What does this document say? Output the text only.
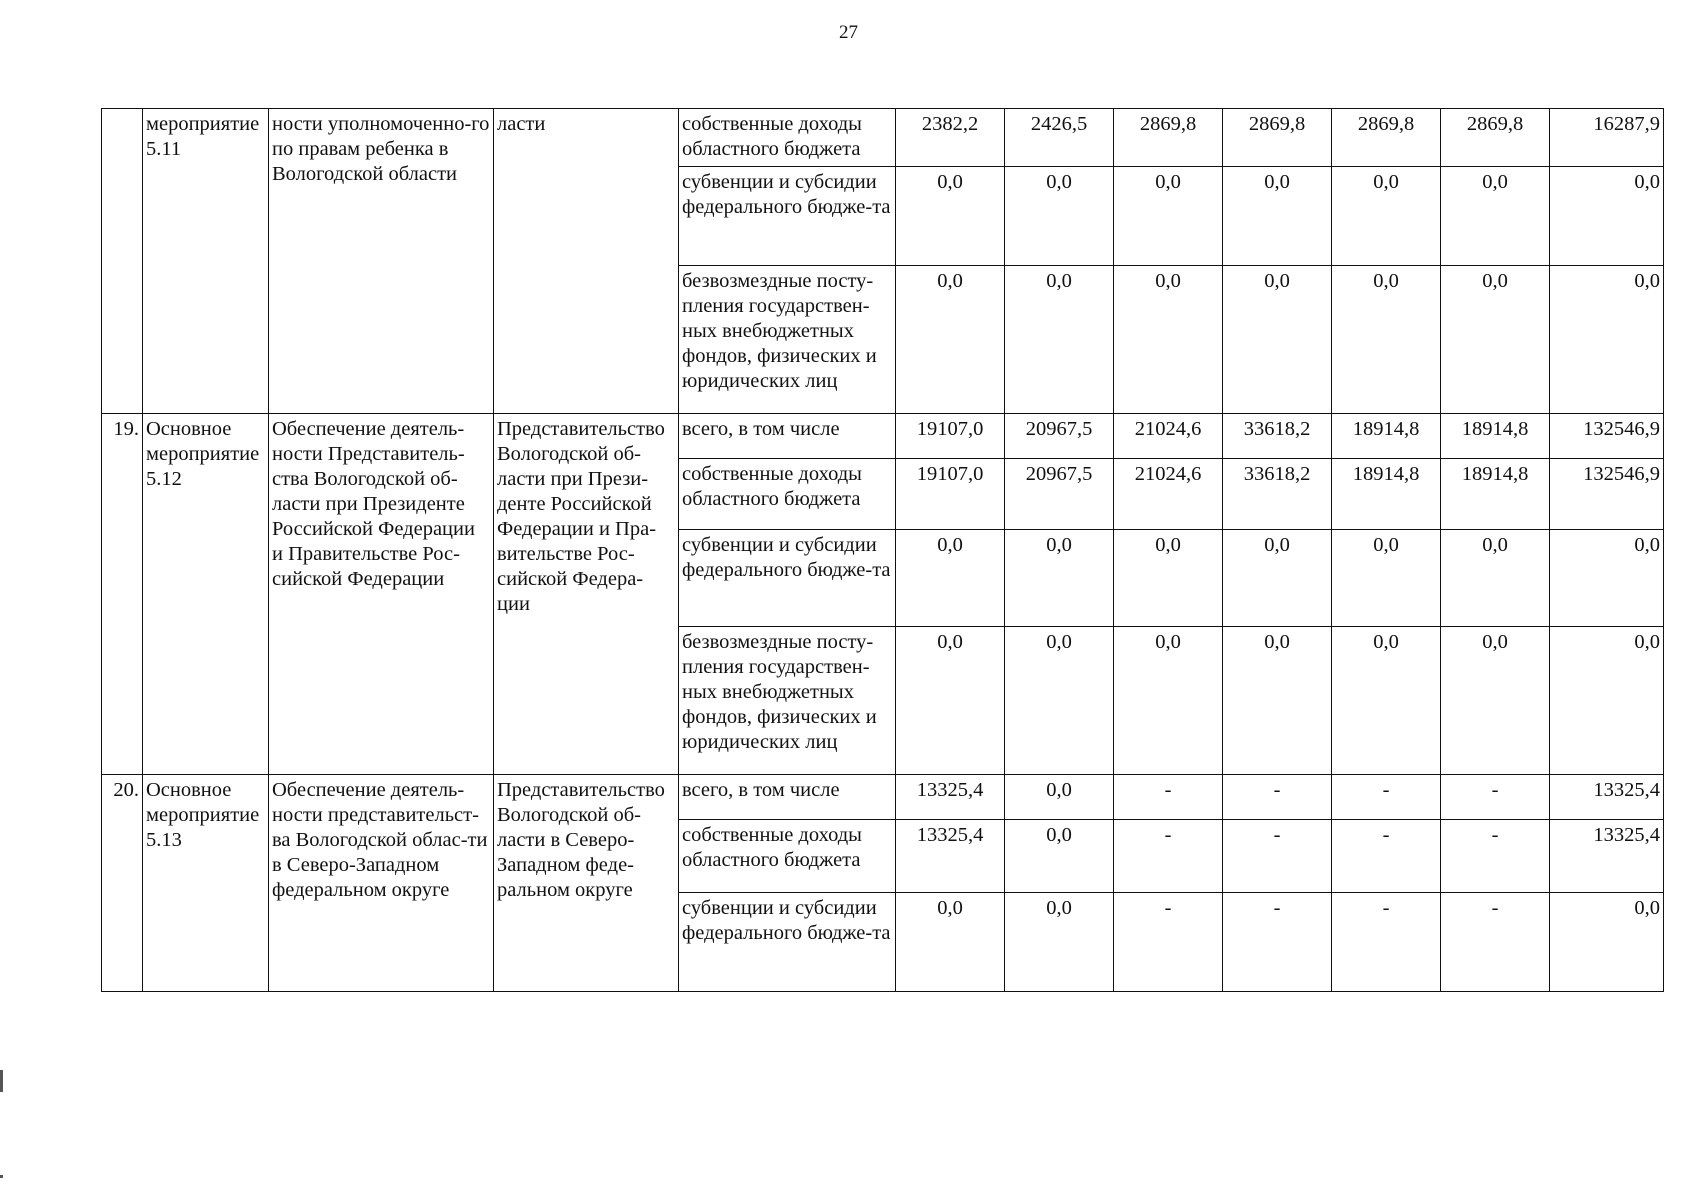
27
	мероприятие 5.11	ности уполномоченно-го по правам ребенка в Вологодской области	ласти	собственные доходы областного бюджета	2382,2	2426,5	2869,8	2869,8	2869,8	2869,8	16287,9
				субвенции и субсидии федерального бюдже-та	0,0	0,0	0,0	0,0	0,0	0,0	0,0
				безвозмездные посту-пления государствен-ных внебюджетных фондов, физических и юридических лиц	0,0	0,0	0,0	0,0	0,0	0,0	0,0
19.	Основное мероприятие 5.12	Обеспечение деятель-ности Представитель-ства Вологодской об-ласти при Президенте Российской Федерации и Правительстве Рос-сийской Федерации	Представительство Вологодской об-ласти при Прези-денте Российской Федерации и Пра-вительстве Рос-сийской Федера-ции	всего, в том числе	19107,0	20967,5	21024,6	33618,2	18914,8	18914,8	132546,9
				собственные доходы областного бюджета	19107,0	20967,5	21024,6	33618,2	18914,8	18914,8	132546,9
				субвенции и субсидии федерального бюдже-та	0,0	0,0	0,0	0,0	0,0	0,0	0,0
				безвозмездные посту-пления государствен-ных внебюджетных фондов, физических и юридических лиц	0,0	0,0	0,0	0,0	0,0	0,0	0,0
20.	Основное мероприятие 5.13	Обеспечение деятель-ности представительст-ва Вологодской облас-ти в Северо-Западном федеральном округе	Представительство Вологодской об-ласти в Северо-Западном феде-ральном округе	всего, в том числе	13325,4	0,0	-	-	-	-	13325,4
				собственные доходы областного бюджета	13325,4	0,0	-	-	-	-	13325,4
				субвенции и субсидии федерального бюдже-та	0,0	0,0	-	-	-	-	0,0
